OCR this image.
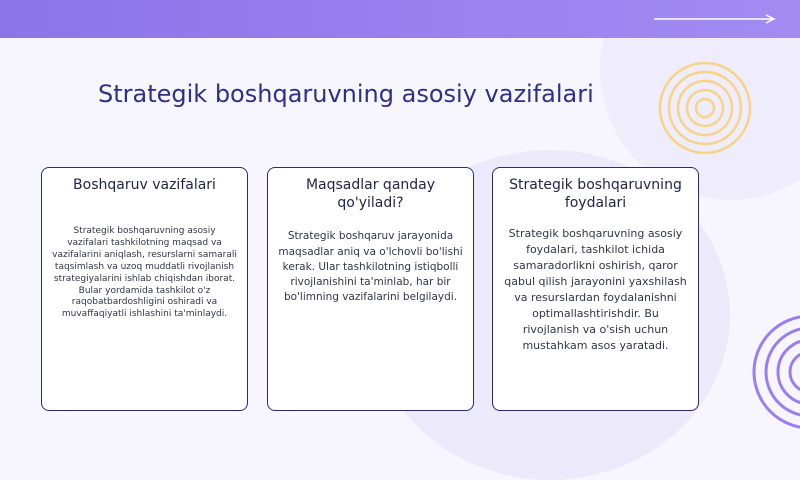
Strategik boshqaruvning asosiy vazifalari
Boshqaruv vazifalari

Strategik boshqaruvning asosiy vazifalari tashkilotning maqsad va vazifalarini aniqlash, resurslarni samarali taqsimlash va uzoq muddatli rivojlanish strategiyalarini ishlab chiqishdan iborat. Bular yordamida tashkilot o'z raqobatbardoshligini oshiradi va muvaffaqiyatli ishlashini ta'minlaydi.

Maqsadlar qanday qo'yiladi?

Strategik boshqaruv jarayonida maqsadlar aniq va o'lchovli bo'lishi kerak. Ular tashkilotning istiqbolli rivojlanishini ta'minlab, har bir bo'limning vazifalarini belgilaydi.

Strategik boshqaruvning foydalari

Strategik boshqaruvning asosiy foydalari, tashkilot ichida samaradorlikni oshirish, qaror qabul qilish jarayonini yaxshilash va resurslardan foydalanishni optimallashtirishdir. Bu rivojlanish va o'sish uchun mustahkam asos yaratadi.
